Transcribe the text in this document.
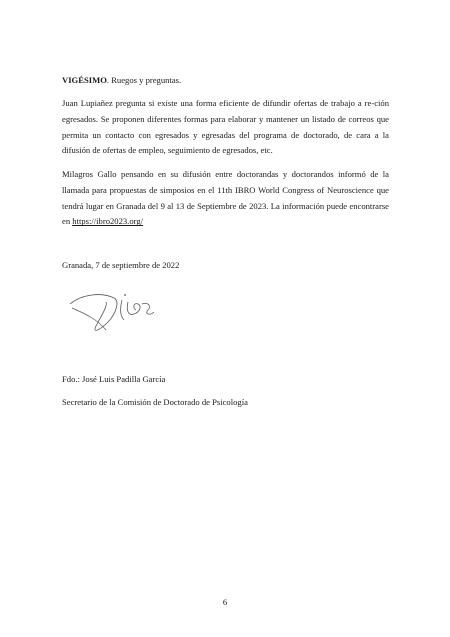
VIGÉSIMO. Ruegos y preguntas.

Juan Lupiañez pregunta si existe una forma eficiente de difundir ofertas de trabajo a re-ción egresados. Se proponen diferentes formas para elaborar y mantener un listado de correos que permita un contacto con egresados y egresadas del programa de doctorado, de cara a la difusión de ofertas de empleo, seguimiento de egresados, etc.

Milagros Gallo pensando en su difusión entre doctorandas y doctorandos informó de la llamada para propuestas de simposios en el 11th IBRO World Congress of Neuroscience que tendrá lugar en Granada del 9 al 13 de Septiembre de 2023. La información puede encontrarse en https://ibro2023.org/

Granada, 7 de septiembre de 2022

Fdo.: José Luis Padilla García

Secretario de la Comisión de Doctorado de Psicología

6
